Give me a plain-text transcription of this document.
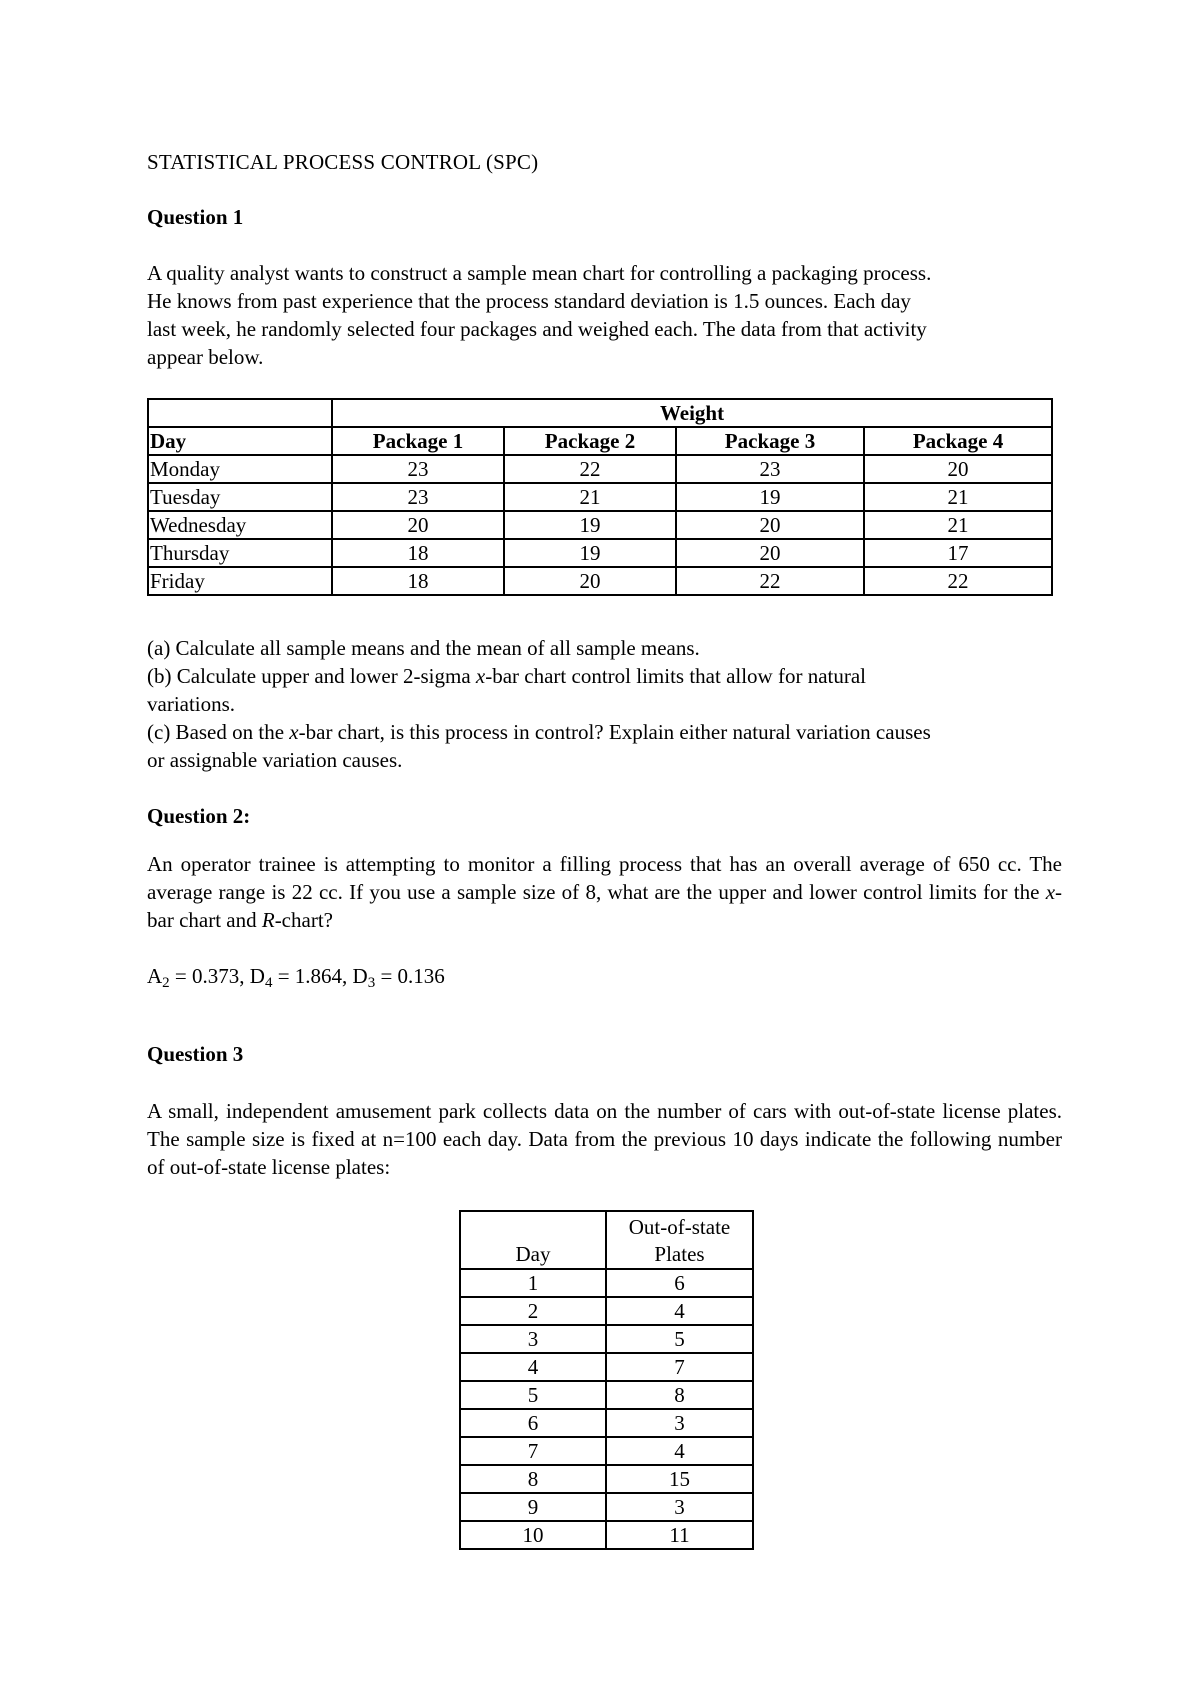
STATISTICAL PROCESS CONTROL (SPC)
Question 1
A quality analyst wants to construct a sample mean chart for controlling a packaging process.
He knows from past experience that the process standard deviation is 1.5 ounces. Each day
last week, he randomly selected four packages and weighed each. The data from that activity
appear below.
	Weight			
Day	Package 1	Package 2	Package 3	Package 4
Monday	23	22	23	20
Tuesday	23	21	19	21
Wednesday	20	19	20	21
Thursday	18	19	20	17
Friday	18	20	22	22
(a) Calculate all sample means and the mean of all sample means.
(b) Calculate upper and lower 2-sigma x-bar chart control limits that allow for natural
variations.
(c) Based on the x-bar chart, is this process in control? Explain either natural variation causes
or assignable variation causes.
Question 2:
An operator trainee is attempting to monitor a filling process that has an overall average of 650 cc. The average range is 22 cc. If you use a sample size of 8, what are the upper and lower control limits for the x-bar chart and R-chart?
$A_2 = 0.373$, $D_4 = 1.864$, $D_3 = 0.136$
Question 3
A small, independent amusement park collects data on the number of cars with out-of-state license plates. The sample size is fixed at n=100 each day. Data from the previous 10 days indicate the following number of out-of-state license plates:
Day	Out-of-state
Plates
1	6
2	4
3	5
4	7
5	8
6	3
7	4
8	15
9	3
10	11
